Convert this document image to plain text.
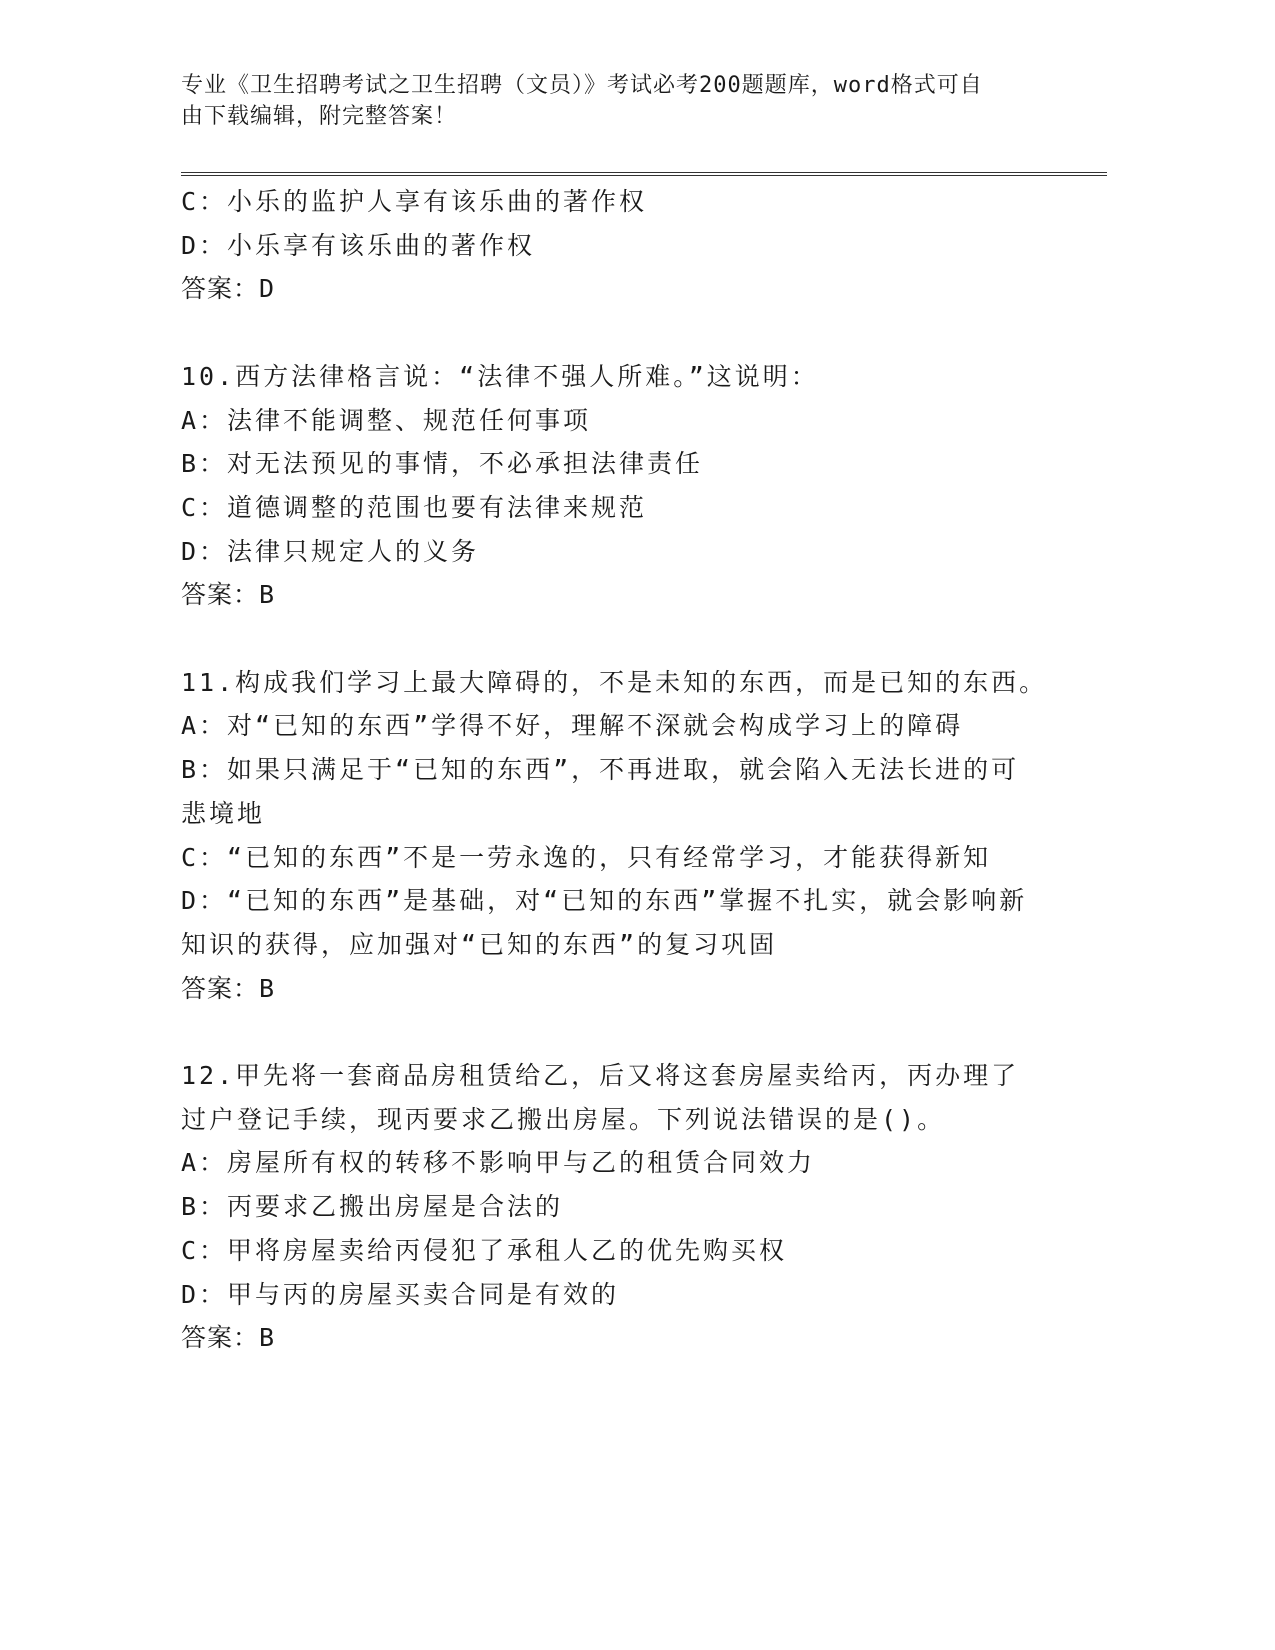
专业《卫生招聘考试之卫生招聘（文员）》考试必考200题题库，word格式可自
由下载编辑，附完整答案！
C：小乐的监护人享有该乐曲的著作权
D：小乐享有该乐曲的著作权
答案：D
10.西方法律格言说：“法律不强人所难。”这说明：
A：法律不能调整、规范任何事项
B：对无法预见的事情，不必承担法律责任
C：道德调整的范围也要有法律来规范
D：法律只规定人的义务
答案：B
11.构成我们学习上最大障碍的，不是未知的东西，而是已知的东西。
A：对“已知的东西”学得不好，理解不深就会构成学习上的障碍
B：如果只满足于“已知的东西”，不再进取，就会陷入无法长进的可悲境地
C：“已知的东西”不是一劳永逸的，只有经常学习，才能获得新知
D：“已知的东西”是基础，对“已知的东西”掌握不扎实，就会影响新知识的获得，应加强对“已知的东西”的复习巩固
答案：B
12.甲先将一套商品房租赁给乙，后又将这套房屋卖给丙，丙办理了过户登记手续，现丙要求乙搬出房屋。下列说法错误的是()。
A：房屋所有权的转移不影响甲与乙的租赁合同效力
B：丙要求乙搬出房屋是合法的
C：甲将房屋卖给丙侵犯了承租人乙的优先购买权
D：甲与丙的房屋买卖合同是有效的
答案：B
